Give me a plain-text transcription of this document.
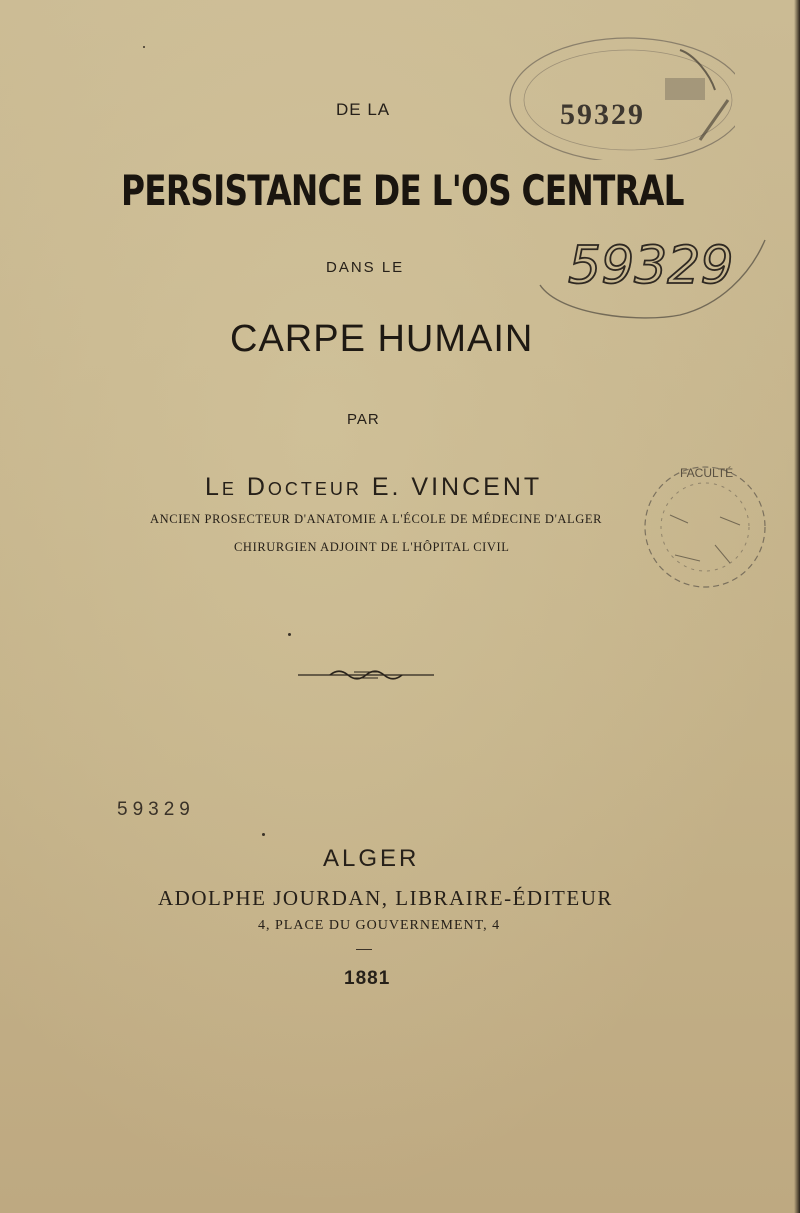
DE LA
PERSISTANCE DE L'OS CENTRAL
DANS LE
CARPE HUMAIN
PAR
Le Docteur E. VINCENT
ANCIEN PROSECTEUR D'ANATOMIE A L'ÉCOLE DE MÉDECINE D'ALGER
CHIRURGIEN ADJOINT DE L'HÔPITAL CIVIL
59329
ALGER
ADOLPHE JOURDAN, LIBRAIRE-ÉDITEUR
4, PLACE DU GOUVERNEMENT, 4
1881
59329
59329
FACULTÉ
